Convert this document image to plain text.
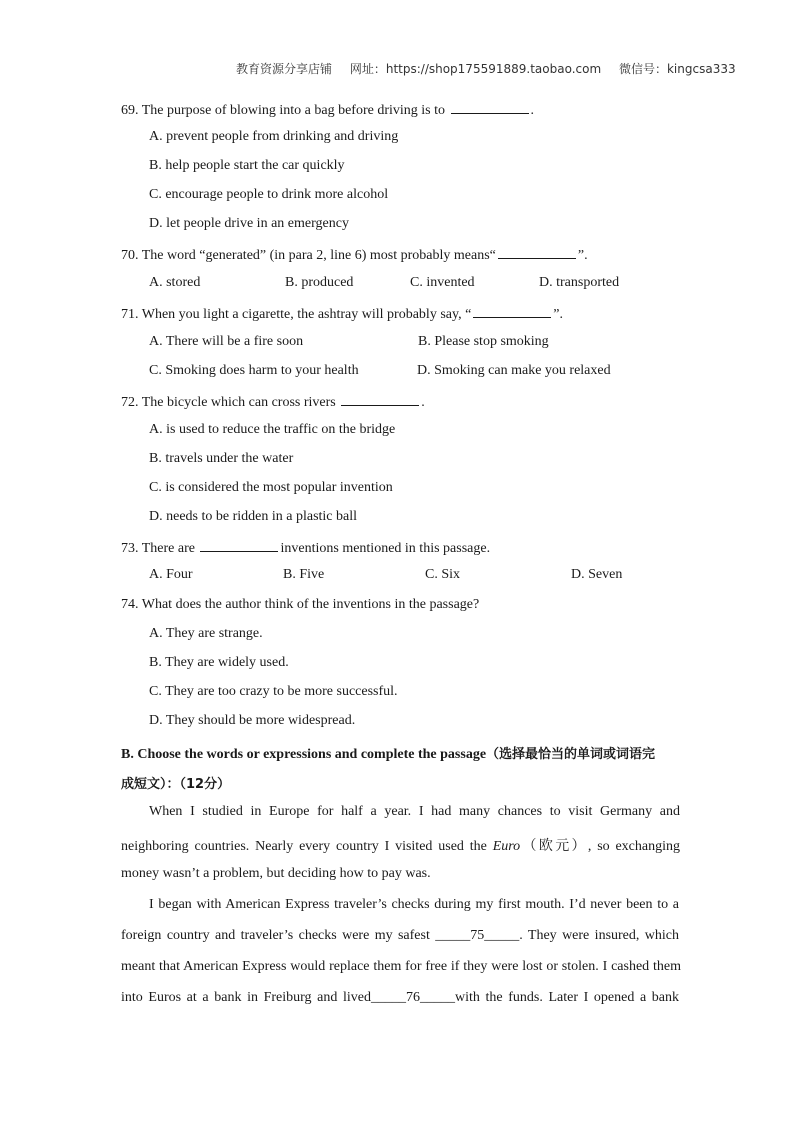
教育资源分享店铺 网址：https://shop175591889.taobao.com 微信号：kingcsa333
69. The purpose of blowing into a bag before driving is to	.
A. prevent people from drinking and driving
B. help people start the car quickly
C. encourage people to drink more alcohol
D. let people drive in an emergency
70. The word “generated” (in para 2, line 6) most probably means“	”.
A. stored	B. produced	C. invented	D. transported
71. When you light a cigarette, the ashtray will probably say, “	”.
A. There will be a fire soon	B. Please stop smoking
C. Smoking does harm to your health	D. Smoking can make you relaxed
72. The bicycle which can cross rivers	.
A. is used to reduce the traffic on the bridge
B. travels under the water
C. is considered the most popular invention
D. needs to be ridden in a plastic ball
73. There are	inventions mentioned in this passage.
A. Four	B. Five	C. Six	D. Seven
74. What does the author think of the inventions in the passage?
A. They are strange.
B. They are widely used.
C. They are too crazy to be more successful.
D. They should be more widespread.
B. Choose the words or expressions and complete the passage（选择最恰当的单词或词语完
成短文）：（12分）
When I studied in Europe for half a year. I had many chances to visit Germany and
neighboring countries. Nearly every country I visited used the Euro（欧元）, so exchanging
money wasn’t a problem, but deciding how to pay was.
I began with American Express traveler’s checks during my first mouth. I’d never been to a
foreign country and traveler’s checks were my safest _____75_____. They were insured, which
meant that American Express would replace them for free if they were lost or stolen. I cashed them
into Euros at a bank in Freiburg and lived_____76_____with the funds. Later I opened a bank
